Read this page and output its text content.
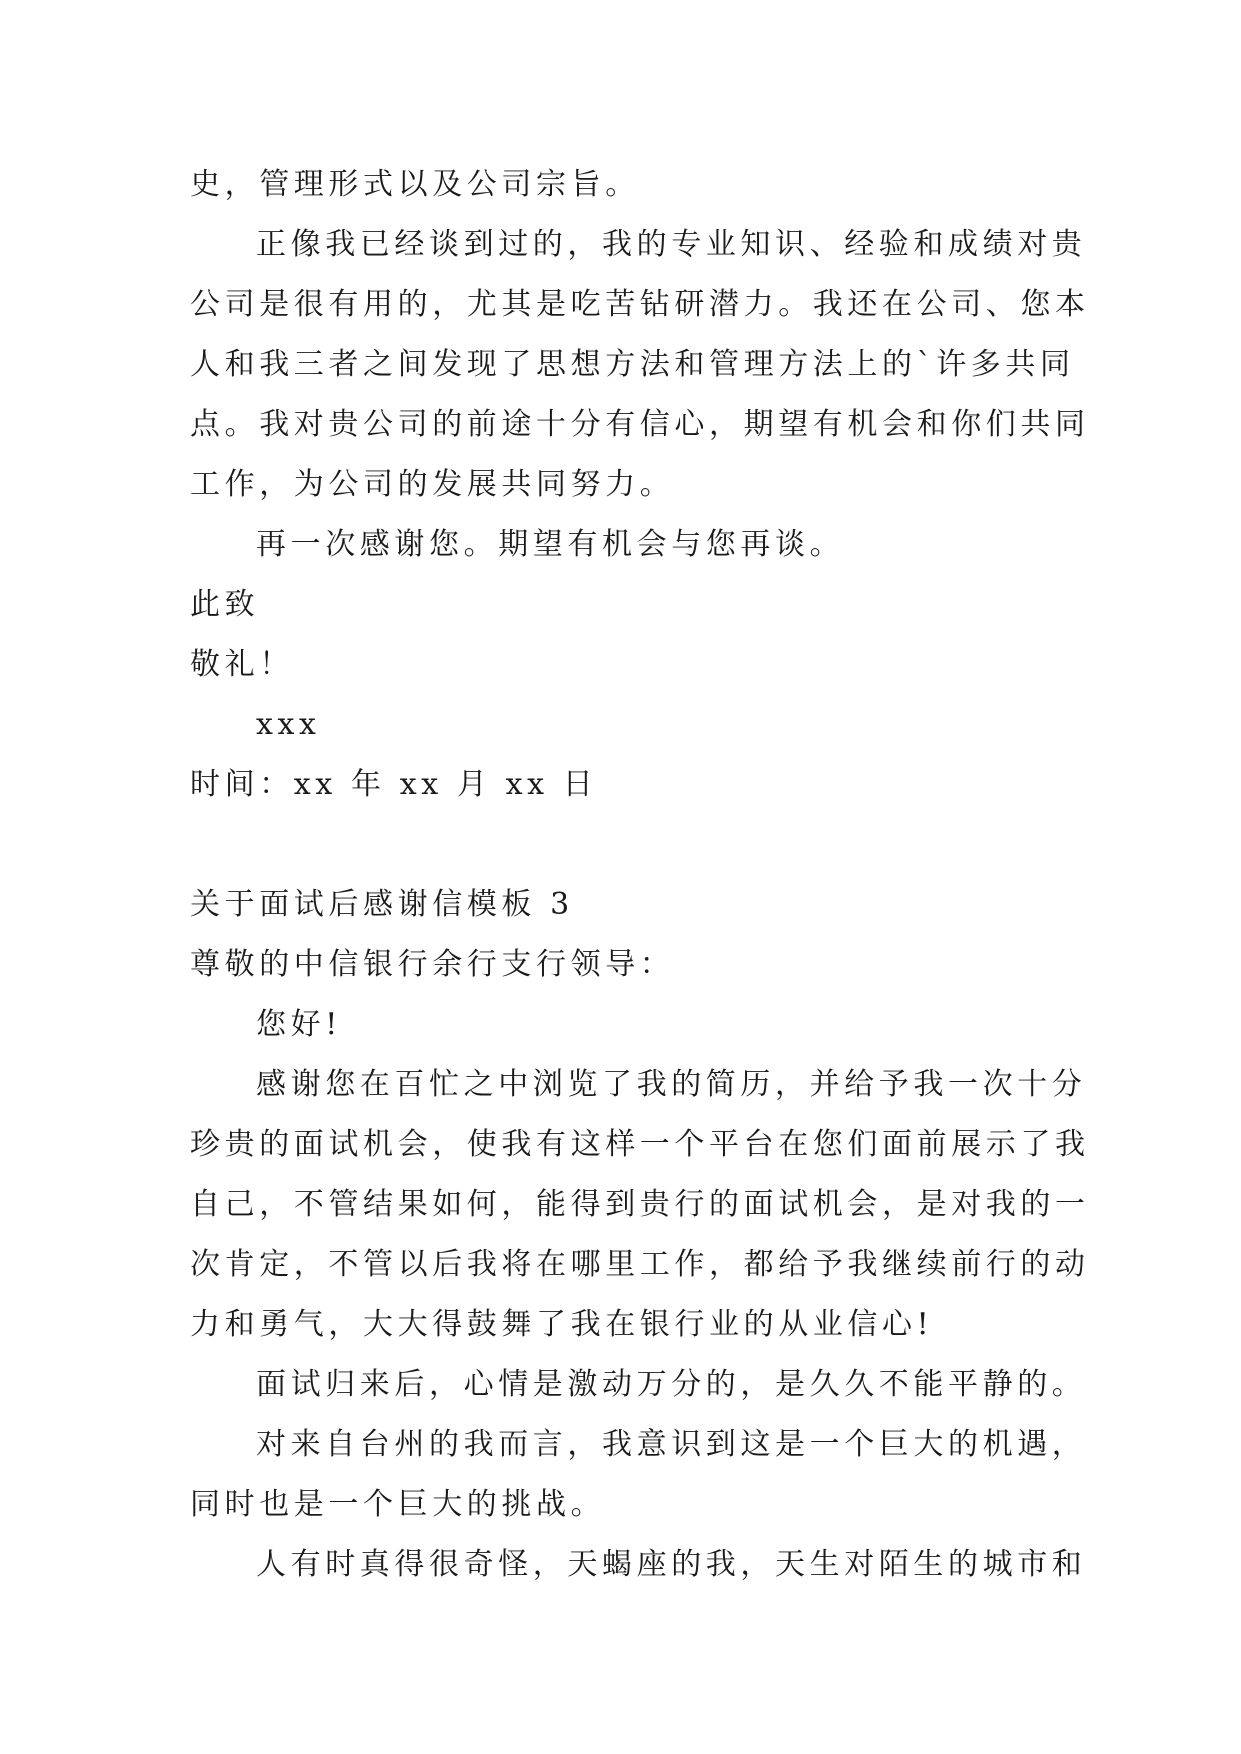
史，管理形式以及公司宗旨。
正像我已经谈到过的，我的专业知识、经验和成绩对贵
公司是很有用的，尤其是吃苦钻研潜力。我还在公司、您本
人和我三者之间发现了思想方法和管理方法上的`许多共同
点。我对贵公司的前途十分有信心，期望有机会和你们共同
工作，为公司的发展共同努力。
再一次感谢您。期望有机会与您再谈。
此致
敬礼！
xxx
时间：xx 年 xx 月 xx 日
关于面试后感谢信模板 3
尊敬的中信银行余行支行领导：
您好!
感谢您在百忙之中浏览了我的简历，并给予我一次十分
珍贵的面试机会，使我有这样一个平台在您们面前展示了我
自己，不管结果如何，能得到贵行的面试机会，是对我的一
次肯定，不管以后我将在哪里工作，都给予我继续前行的动
力和勇气，大大得鼓舞了我在银行业的从业信心!
面试归来后，心情是激动万分的，是久久不能平静的。
对来自台州的我而言，我意识到这是一个巨大的机遇，
同时也是一个巨大的挑战。
人有时真得很奇怪，天蝎座的我，天生对陌生的城市和
